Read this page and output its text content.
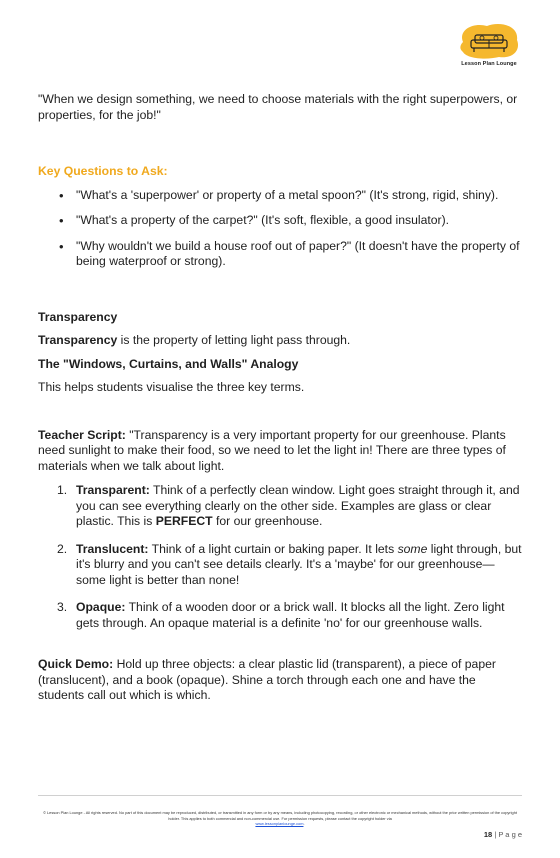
Lesson Plan Lounge

"When we design something, we need to choose materials with the right superpowers, or properties, for the job!"

Key Questions to Ask:

• "What's a 'superpower' or property of a metal spoon?" (It's strong, rigid, shiny).
• "What's a property of the carpet?" (It's soft, flexible, a good insulator).
• "Why wouldn't we build a house roof out of paper?" (It doesn't have the property of being waterproof or strong).

Transparency

Transparency is the property of letting light pass through.

The "Windows, Curtains, and Walls" Analogy

This helps students visualise the three key terms.

Teacher Script: "Transparency is a very important property for our greenhouse. Plants need sunlight to make their food, so we need to let the light in! There are three types of materials when we talk about light.

1. Transparent: Think of a perfectly clean window. Light goes straight through it, and you can see everything clearly on the other side. Examples are glass or clear plastic. This is PERFECT for our greenhouse.
2. Translucent: Think of a light curtain or baking paper. It lets some light through, but it's blurry and you can't see details clearly. It's a 'maybe' for our greenhouse—some light is better than none!
3. Opaque: Think of a wooden door or a brick wall. It blocks all the light. Zero light gets through. An opaque material is a definite 'no' for our greenhouse walls.

Quick Demo: Hold up three objects: a clear plastic lid (transparent), a piece of paper (translucent), and a book (opaque). Shine a torch through each one and have the students call out which is which.

© Lesson Plan Lounge - All rights reserved. No part of this document may be reproduced, distributed, or transmitted in any form or by any means, including photocopying, recording, or other electronic or mechanical methods, without the prior written permission of the copyright holder. This applies to both commercial and non-commercial use. For permission requests, please contact the copyright holder via
www.lessonplanlounge.com.
18 | P a g e
